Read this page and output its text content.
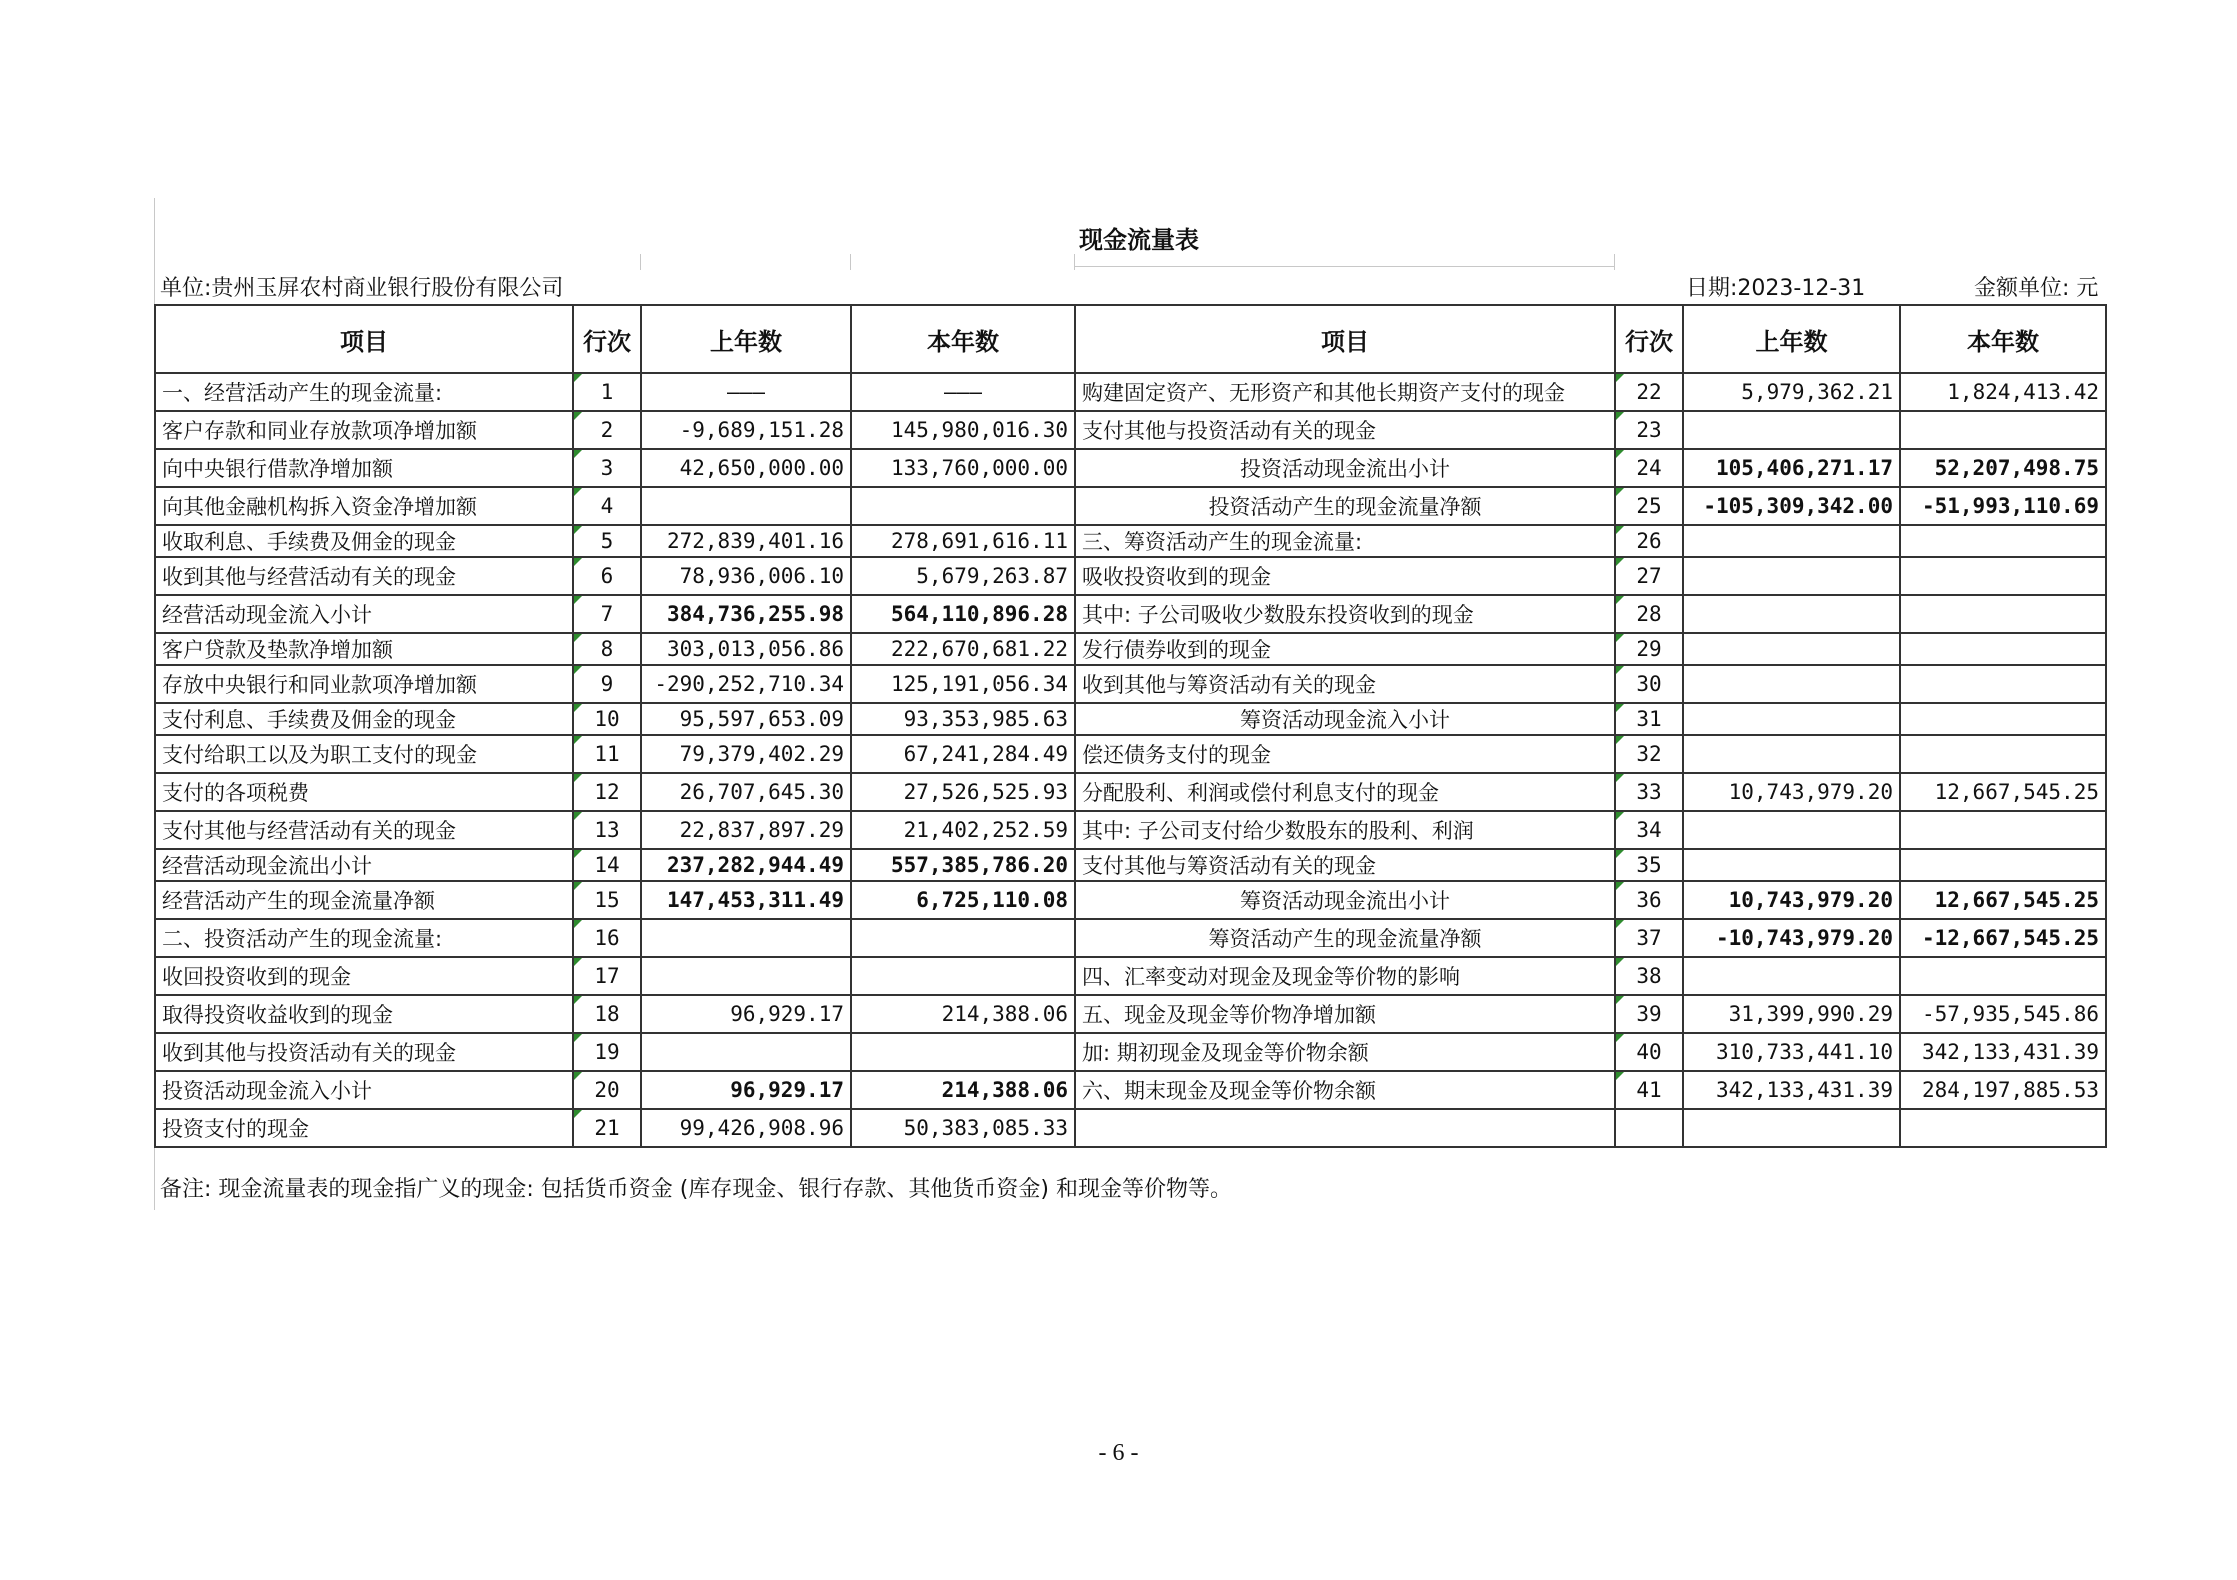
现金流量表
单位:贵州玉屏农村商业银行股份有限公司	日期:2023-12-31	金额单位: 元
项目	行次	上年数	本年数	项目	行次	上年数	本年数
一、经营活动产生的现金流量:	1	———	———	购建固定资产、无形资产和其他长期资产支付的现金	22	5,979,362.21	1,824,413.42
客户存款和同业存放款项净增加额	2	-9,689,151.28	145,980,016.30	支付其他与投资活动有关的现金	23		
向中央银行借款净增加额	3	42,650,000.00	133,760,000.00	投资活动现金流出小计	24	105,406,271.17	52,207,498.75
向其他金融机构拆入资金净增加额	4			投资活动产生的现金流量净额	25	-105,309,342.00	-51,993,110.69
收取利息、手续费及佣金的现金	5	272,839,401.16	278,691,616.11	三、筹资活动产生的现金流量:	26		
收到其他与经营活动有关的现金	6	78,936,006.10	5,679,263.87	吸收投资收到的现金	27		
经营活动现金流入小计	7	384,736,255.98	564,110,896.28	其中: 子公司吸收少数股东投资收到的现金	28		
客户贷款及垫款净增加额	8	303,013,056.86	222,670,681.22	发行债券收到的现金	29		
存放中央银行和同业款项净增加额	9	-290,252,710.34	125,191,056.34	收到其他与筹资活动有关的现金	30		
支付利息、手续费及佣金的现金	10	95,597,653.09	93,353,985.63	筹资活动现金流入小计	31		
支付给职工以及为职工支付的现金	11	79,379,402.29	67,241,284.49	偿还债务支付的现金	32		
支付的各项税费	12	26,707,645.30	27,526,525.93	分配股利、利润或偿付利息支付的现金	33	10,743,979.20	12,667,545.25
支付其他与经营活动有关的现金	13	22,837,897.29	21,402,252.59	其中: 子公司支付给少数股东的股利、利润	34		
经营活动现金流出小计	14	237,282,944.49	557,385,786.20	支付其他与筹资活动有关的现金	35		
经营活动产生的现金流量净额	15	147,453,311.49	6,725,110.08	筹资活动现金流出小计	36	10,743,979.20	12,667,545.25
二、投资活动产生的现金流量:	16			筹资活动产生的现金流量净额	37	-10,743,979.20	-12,667,545.25
收回投资收到的现金	17			四、汇率变动对现金及现金等价物的影响	38		
取得投资收益收到的现金	18	96,929.17	214,388.06	五、现金及现金等价物净增加额	39	31,399,990.29	-57,935,545.86
收到其他与投资活动有关的现金	19			加: 期初现金及现金等价物余额	40	310,733,441.10	342,133,431.39
投资活动现金流入小计	20	96,929.17	214,388.06	六、期末现金及现金等价物余额	41	342,133,431.39	284,197,885.53
投资支付的现金	21	99,426,908.96	50,383,085.33				
备注: 现金流量表的现金指广义的现金: 包括货币资金 (库存现金、银行存款、其他货币资金) 和现金等价物等。
- 6 -
